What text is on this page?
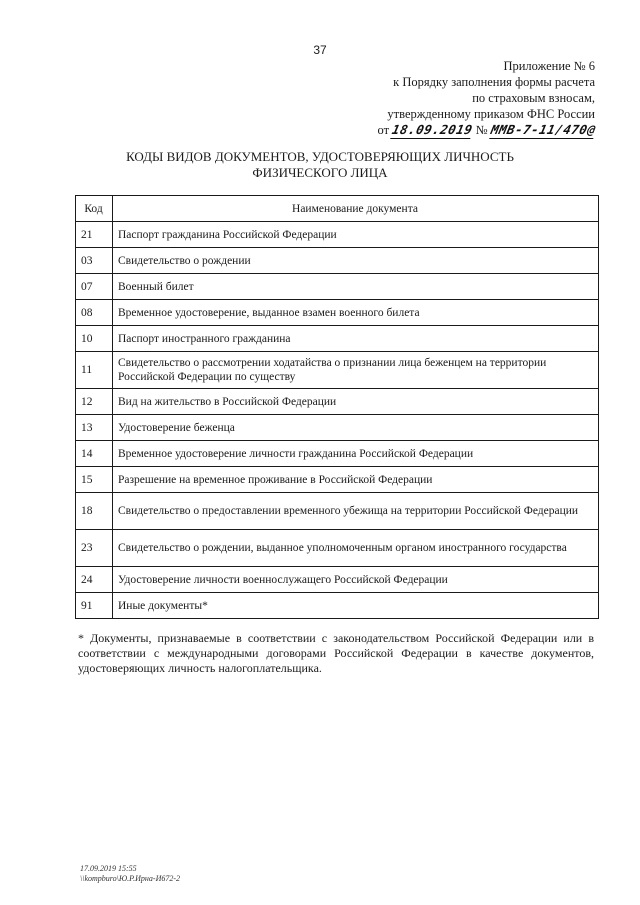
37
Приложение № 6
к Порядку заполнения формы расчета
по страховым взносам,
утвержденному приказом ФНС России
от 18.09.2019 № ММВ-7-11/470@
КОДЫ ВИДОВ ДОКУМЕНТОВ, УДОСТОВЕРЯЮЩИХ ЛИЧНОСТЬ
ФИЗИЧЕСКОГО ЛИЦА
Код	Наименование документа
21	Паспорт гражданина Российской Федерации
03	Свидетельство о рождении
07	Военный билет
08	Временное удостоверение, выданное взамен военного билета
10	Паспорт иностранного гражданина
11	Свидетельство о рассмотрении ходатайства о признании лица беженцем на территории Российской Федерации по существу
12	Вид на жительство в Российской Федерации
13	Удостоверение беженца
14	Временное удостоверение личности гражданина Российской Федерации
15	Разрешение на временное проживание в Российской Федерации
18	Свидетельство о предоставлении временного убежища на территории Российской Федерации
23	Свидетельство о рождении, выданное уполномоченным органом иностранного государства
24	Удостоверение личности военнослужащего Российской Федерации
91	Иные документы*
* Документы, признаваемые в соответствии с законодательством Российской Федерации или в соответствии с международными договорами Российской Федерации в качестве документов, удостоверяющих личность налогоплательщика.
17.09.2019 15:55
\\kompburo\Ю.Р.Ирна-И672-2
